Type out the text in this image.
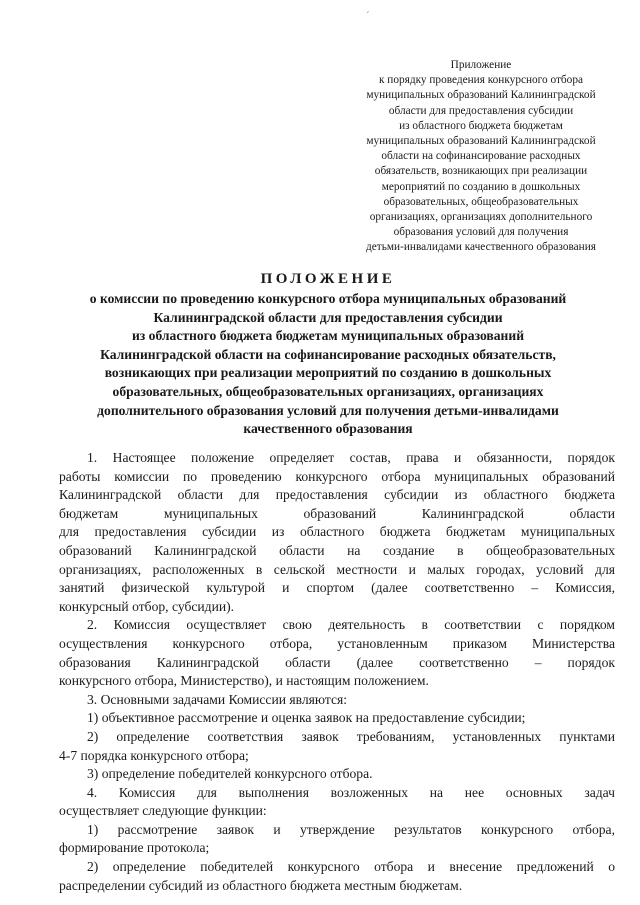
´
Приложение
к порядку проведения конкурсного отбора
муниципальных образований Калининградской
области для предоставления субсидии
из областного бюджета бюджетам
муниципальных образований Калининградской
области на софинансирование расходных
обязательств, возникающих при реализации
мероприятий по созданию в дошкольных
образовательных, общеобразовательных
организациях, организациях дополнительного
образования условий для получения
детьми-инвалидами качественного образования
ПОЛОЖЕНИЕ
о комиссии по проведению конкурсного отбора муниципальных образований
Калининградской области для предоставления субсидии
из областного бюджета бюджетам муниципальных образований
Калининградской области на софинансирование расходных обязательств,
возникающих при реализации мероприятий по созданию в дошкольных
образовательных, общеобразовательных организациях, организациях
дополнительного образования условий для получения детьми-инвалидами
качественного образования
1. Настоящее положение определяет состав, права и обязанности, порядок
работы комиссии по проведению конкурсного отбора муниципальных образований
Калининградской области для предоставления субсидии из областного бюджета
бюджетам муниципальных образований Калининградской области
для предоставления субсидии из областного бюджета бюджетам муниципальных
образований Калининградской области на создание в общеобразовательных
организациях, расположенных в сельской местности и малых городах, условий для
занятий физической культурой и спортом (далее соответственно – Комиссия,
конкурсный отбор, субсидии).
2. Комиссия осуществляет свою деятельность в соответствии с порядком
осуществления конкурсного отбора, установленным приказом Министерства
образования Калининградской области (далее соответственно – порядок
конкурсного отбора, Министерство), и настоящим положением.
3. Основными задачами Комиссии являются:
1) объективное рассмотрение и оценка заявок на предоставление субсидии;
2) определение соответствия заявок требованиям, установленных пунктами
4-7 порядка конкурсного отбора;
3) определение победителей конкурсного отбора.
4. Комиссия для выполнения возложенных на нее основных задач
осуществляет следующие функции:
1) рассмотрение заявок и утверждение результатов конкурсного отбора,
формирование протокола;
2) определение победителей конкурсного отбора и внесение предложений о
распределении субсидий из областного бюджета местным бюджетам.
